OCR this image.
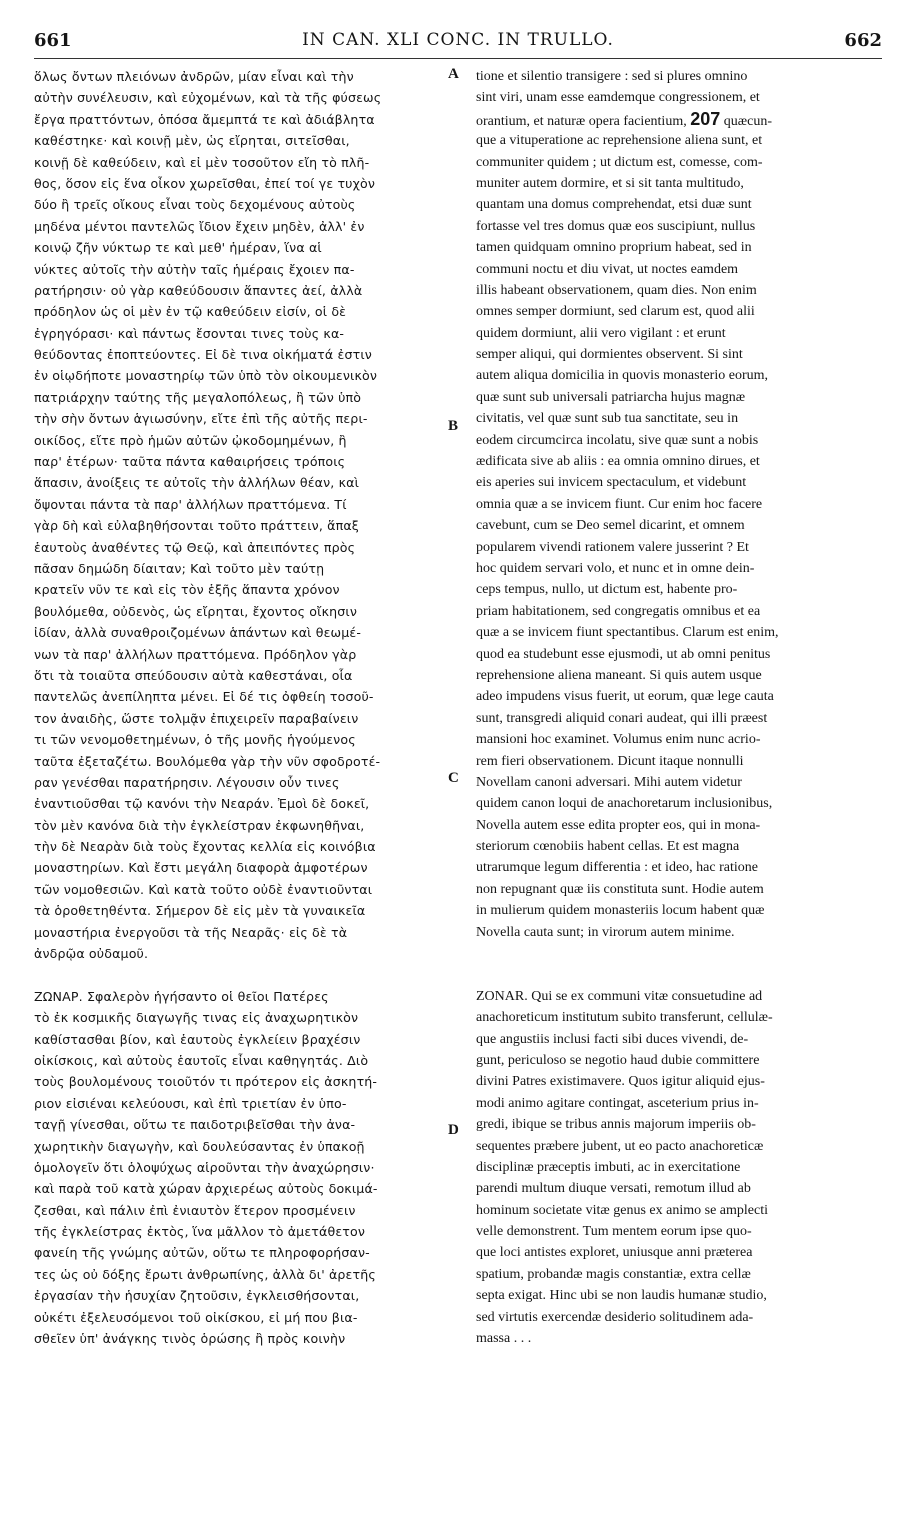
661	IN CAN. XLI CONC. IN TRULLO.	662
ὅλως ὄντων πλειόνων ἀνδρῶν, μίαν εἶναι καὶ τὴν
αὐτὴν συνέλευσιν, καὶ εὐχομένων, καὶ τὰ τῆς φύσεως
ἔργα πραττόντων, ὁπόσα ἄμεμπτά τε καὶ ἀδιάβλητα
καθέστηκε· καὶ κοινῇ μὲν, ὡς εἴρηται, σιτεῖσθαι,
κοινῇ δὲ καθεύδειν, καὶ εἰ μὲν τοσοῦτον εἴη τὸ πλῆ-
θος, ὅσον εἰς ἕνα οἶκον χωρεῖσθαι, ἐπεί τοί γε τυχὸν
δύο ἢ τρεῖς οἴκους εἶναι τοὺς δεχομένους αὐτοὺς
μηδένα μέντοι παντελῶς ἴδιον ἔχειν μηδὲν, ἀλλ' ἐν
κοινῷ ζῆν νύκτωρ τε καὶ μεθ' ἡμέραν, ἵνα αἱ
νύκτες αὐτοῖς τὴν αὐτὴν ταῖς ἡμέραις ἔχοιεν πα-
ρατήρησιν· οὐ γὰρ καθεύδουσιν ἅπαντες ἀεί, ἀλλὰ
πρόδηλον ὡς οἱ μὲν ἐν τῷ καθεύδειν εἰσίν, οἱ δὲ
ἐγρηγόρασι· καὶ πάντως ἔσονται τινες τοὺς κα-
θεύδοντας ἐποπτεύοντες. Εἰ δὲ τινα οἰκήματά ἐστιν
ἐν οἱῳδήποτε μοναστηρίῳ τῶν ὑπὸ τὸν οἰκουμενικὸν
πατριάρχην ταύτης τῆς μεγαλοπόλεως, ἢ τῶν ὑπὸ
τὴν σὴν ὄντων ἁγιωσύνην, εἴτε ἐπὶ τῆς αὐτῆς περι-
οικίδος, εἴτε πρὸ ἡμῶν αὐτῶν ᾠκοδομημένων, ἢ
παρ' ἑτέρων· ταῦτα πάντα καθαιρήσεις τρόποις
ἅπασιν, ἀνοίξεις τε αὐτοῖς τὴν ἀλλήλων θέαν, καὶ
ὄψονται πάντα τὰ παρ' ἀλλήλων πραττόμενα. Τί
γὰρ δὴ καὶ εὐλαβηθήσονται τοῦτο πράττειν, ἅπαξ
ἑαυτοὺς ἀναθέντες τῷ Θεῷ, καὶ ἀπειπόντες πρὸς
πᾶσαν δημώδη δίαιταν; Καὶ τοῦτο μὲν ταύτῃ
κρατεῖν νῦν τε καὶ εἰς τὸν ἑξῆς ἅπαντα χρόνον
βουλόμεθα, οὐδενὸς, ὡς εἴρηται, ἔχοντος οἴκησιν
ἰδίαν, ἀλλὰ συναθροιζομένων ἁπάντων καὶ θεωμέ-
νων τὰ παρ' ἀλλήλων πραττόμενα. Πρόδηλον γὰρ
ὅτι τὰ τοιαῦτα σπεύδουσιν αὐτὰ καθεστάναι, οἷα
παντελῶς ἀνεπίληπτα μένει. Εἰ δέ τις ὀφθείη τοσοῦ-
τον ἀναιδὴς, ὥστε τολμᾷν ἐπιχειρεῖν παραβαίνειν
τι τῶν νενομοθετημένων, ὁ τῆς μονῆς ἡγούμενος
ταῦτα ἐξεταζέτω. Βουλόμεθα γὰρ τὴν νῦν σφοδροτέ-
ραν γενέσθαι παρατήρησιν. Λέγουσιν οὖν τινες
ἐναντιοῦσθαι τῷ κανόνι τὴν Νεαράν. Ἐμοὶ δὲ δοκεῖ,
τὸν μὲν κανόνα διὰ τὴν ἐγκλείστραν ἐκφωνηθῆναι,
τὴν δὲ Νεαρὰν διὰ τοὺς ἔχοντας κελλία εἰς κοινόβια
μοναστηρίων. Καὶ ἔστι μεγάλη διαφορὰ ἀμφοτέρων
τῶν νομοθεσιῶν. Καὶ κατὰ τοῦτο οὐδὲ ἐναντιοῦνται
τὰ ὁροθετηθέντα. Σήμερον δὲ εἰς μὲν τὰ γυναικεῖα
μοναστήρια ἐνεργοῦσι τὰ τῆς Νεαρᾶς· εἰς δὲ τὰ
ἀνδρῷα οὐδαμοῦ.
ΖΩΝΑΡ. Σφαλερὸν ἡγήσαντο οἱ θεῖοι Πατέρες
τὸ ἐκ κοσμικῆς διαγωγῆς τινας εἰς ἀναχωρητικὸν
καθίστασθαι βίον, καὶ ἑαυτοὺς ἐγκλείειν βραχέσιν
οἰκίσκοις, καὶ αὐτοὺς ἑαυτοῖς εἶναι καθηγητάς. Διὸ
τοὺς βουλομένους τοιοῦτόν τι πρότερον εἰς ἀσκητή-
ριον εἰσιέναι κελεύουσι, καὶ ἐπὶ τριετίαν ἐν ὑπο-
ταγῇ γίνεσθαι, οὕτω τε παιδοτριβεῖσθαι τὴν ἀνα-
χωρητικὴν διαγωγὴν, καὶ δουλεύσαντας ἐν ὑπακοῇ
ὁμολογεῖν ὅτι ὁλοψύχως αἱροῦνται τὴν ἀναχώρησιν·
καὶ παρὰ τοῦ κατὰ χώραν ἀρχιερέως αὐτοὺς δοκιμά-
ζεσθαι, καὶ πάλιν ἐπὶ ἐνιαυτὸν ἕτερον προσμένειν
τῆς ἐγκλείστρας ἐκτὸς, ἵνα μᾶλλον τὸ ἀμετάθετον
φανείη τῆς γνώμης αὐτῶν, οὕτω τε πληροφορήσαν-
τες ὡς οὐ δόξης ἔρωτι ἀνθρωπίνης, ἀλλὰ δι' ἀρετῆς
ἐργασίαν τὴν ἡσυχίαν ζητοῦσιν, ἐγκλεισθήσονται,
οὐκέτι ἐξελευσόμενοι τοῦ οἰκίσκου, εἰ μή που βια-
σθεῖεν ὑπ' ἀνάγκης τινὸς ὁρώσης ἢ πρὸς κοινὴν
tione et silentio transigere : sed si plures omnino
sint viri, unam esse eamdemque congressionem, et
orantium, et naturæ opera facientium, 207 quæcun-
que a vituperatione ac reprehensione aliena sunt, et
communiter quidem ; ut dictum est, comesse, com-
muniter autem dormire, et si sit tanta multitudo,
quantam una domus comprehendat, etsi duæ sunt
fortasse vel tres domus quæ eos suscipiunt, nullus
tamen quidquam omnino proprium habeat, sed in
communi noctu et diu vivat, ut noctes eamdem
illis habeant observationem, quam dies. Non enim
omnes semper dormiunt, sed clarum est, quod alii
quidem dormiunt, alii vero vigilant : et erunt
semper aliqui, qui dormientes observent. Si sint
autem aliqua domicilia in quovis monasterio eorum,
quæ sunt sub universali patriarcha hujus magnæ
civitatis, vel quæ sunt sub tua sanctitate, seu in
eodem circumcirca incolatu, sive quæ sunt a nobis
ædificata sive ab aliis : ea omnia omnino dirues, et
eis aperies sui invicem spectaculum, et videbunt
omnia quæ a se invicem fiunt. Cur enim hoc facere
cavebunt, cum se Deo semel dicarint, et omnem
popularem vivendi rationem valere jusserint ? Et
hoc quidem servari volo, et nunc et in omne dein-
ceps tempus, nullo, ut dictum est, habente pro-
priam habitationem, sed congregatis omnibus et ea
quæ a se invicem fiunt spectantibus. Clarum est enim,
quod ea studebunt esse ejusmodi, ut ab omni penitus
reprehensione aliena maneant. Si quis autem usque
adeo impudens visus fuerit, ut eorum, quæ lege cauta
sunt, transgredi aliquid conari audeat, qui illi præest
mansioni hoc examinet. Volumus enim nunc acrio-
rem fieri observationem. Dicunt itaque nonnulli
Novellam canoni adversari. Mihi autem videtur
quidem canon loqui de anachoretarum inclusionibus,
Novella autem esse edita propter eos, qui in mona-
steriorum cœnobiis habent cellas. Et est magna
utrarumque legum differentia : et ideo, hac ratione
non repugnant quæ iis constituta sunt. Hodie autem
in mulierum quidem monasteriis locum habent quæ
Novella cauta sunt; in virorum autem minime.
ZONAR. Qui se ex communi vitæ consuetudine ad
anachoreticum institutum subito transferunt, cellulæ-
que angustiis inclusi facti sibi duces vivendi, de-
gunt, periculoso se negotio haud dubie committere
divini Patres existimavere. Quos igitur aliquid ejus-
modi animo agitare contingat, asceterium prius in-
gredi, ibique se tribus annis majorum imperiis ob-
sequentes præbere jubent, ut eo pacto anachoreticæ
disciplinæ præceptis imbuti, ac in exercitatione
parendi multum diuque versati, remotum illud ab
hominum societate vitæ genus ex animo se amplecti
velle demonstrent. Tum mentem eorum ipse quo-
que loci antistes exploret, uniusque anni præterea
spatium, probandæ magis constantiæ, extra cellæ
septa exigat. Hinc ubi se non laudis humanæ studio,
sed virtutis exercendæ desiderio solitudinem ada-
massa . . .
A
B
C
D
